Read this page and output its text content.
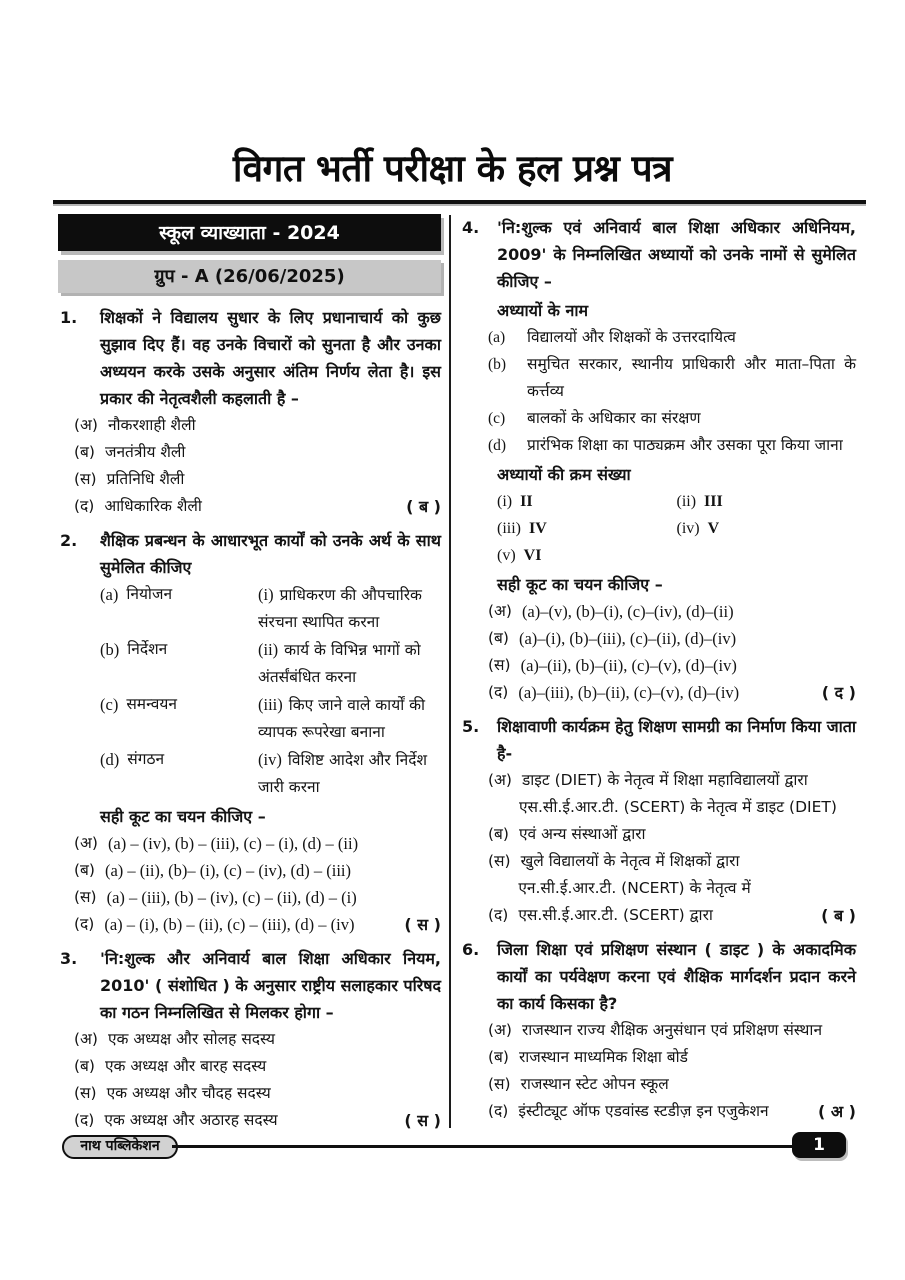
विगत भर्ती परीक्षा के हल प्रश्न पत्र
स्कूल व्याख्याता - 2024
ग्रुप - A (26/06/2025)
1.	शिक्षकों ने विद्यालय सुधार के लिए प्रधानाचार्य को कुछ सुझाव दिए हैं। वह उनके विचारों को सुनता है और उनका अध्ययन करके उसके अनुसार अंतिम निर्णय लेता है। इस प्रकार की नेतृत्वशैली कहलाती है –
(अ) नौकरशाही शैली
(ब) जनतंत्रीय शैली
(स) प्रतिनिधि शैली
(द) आधिकारिक शैली	( ब )
2.	शैक्षिक प्रबन्धन के आधारभूत कार्यों को उनके अर्थ के साथ सुमेलित कीजिए
(a) नियोजन	(i) प्राधिकरण की औपचारिक संरचना स्थापित करना
(b) निर्देशन	(ii) कार्य के विभिन्न भागों को अंतर्संबंधित करना
(c) समन्वयन	(iii) किए जाने वाले कार्यों की व्यापक रूपरेखा बनाना
(d) संगठन	(iv) विशिष्ट आदेश और निर्देश जारी करना
सही कूट का चयन कीजिए –
(अ) (a) – (iv), (b) – (iii), (c) – (i), (d) – (ii)
(ब) (a) – (ii), (b)– (i), (c) – (iv), (d) – (iii)
(स) (a) – (iii), (b) – (iv), (c) – (ii), (d) – (i)
(द) (a) – (i), (b) – (ii), (c) – (iii), (d) – (iv)	( स )
3.	'नि:शुल्क और अनिवार्य बाल शिक्षा अधिकार नियम, 2010' ( संशोधित ) के अनुसार राष्ट्रीय सलाहकार परिषद का गठन निम्नलिखित से मिलकर होगा –
(अ) एक अध्यक्ष और सोलह सदस्य
(ब) एक अध्यक्ष और बारह सदस्य
(स) एक अध्यक्ष और चौदह सदस्य
(द) एक अध्यक्ष और अठारह सदस्य	( स )
4.	'नि:शुल्क एवं अनिवार्य बाल शिक्षा अधिकार अधिनियम, 2009' के निम्नलिखित अध्यायों को उनके नामों से सुमेलित कीजिए –
अध्यायों के नाम
(a)	विद्यालयों और शिक्षकों के उत्तरदायित्व
(b)	समुचित सरकार, स्थानीय प्राधिकारी और माता–पिता के कर्त्तव्य
(c)	बालकों के अधिकार का संरक्षण
(d)	प्रारंभिक शिक्षा का पाठ्यक्रम और उसका पूरा किया जाना
अध्यायों की क्रम संख्या
(i) II	(ii) III
(iii) IV	(iv) V
(v) VI
सही कूट का चयन कीजिए –
(अ) (a)–(v), (b)–(i), (c)–(iv), (d)–(ii)
(ब) (a)–(i), (b)–(iii), (c)–(ii), (d)–(iv)
(स) (a)–(ii), (b)–(ii), (c)–(v), (d)–(iv)
(द) (a)–(iii), (b)–(ii), (c)–(v), (d)–(iv)	( द )
5.	शिक्षावाणी कार्यक्रम हेतु शिक्षण सामग्री का निर्माण किया जाता है-
(अ) डाइट (DIET) के नेतृत्व में शिक्षा महाविद्यालयों द्वारा
(ब)
एस.सी.ई.आर.टी. (SCERT) के नेतृत्व में डाइट (DIET) एवं अन्य संस्थाओं द्वारा
(स) खुले विद्यालयों के नेतृत्व में शिक्षकों द्वारा
(द)
एन.सी.ई.आर.टी. (NCERT) के नेतृत्व में एस.सी.ई.आर.टी. (SCERT) द्वारा	( ब )
6.	जिला शिक्षा एवं प्रशिक्षण संस्थान ( डाइट ) के अकादमिक कार्यों का पर्यवेक्षण करना एवं शैक्षिक मार्गदर्शन प्रदान करने का कार्य किसका है?
(अ) राजस्थान राज्य शैक्षिक अनुसंधान एवं प्रशिक्षण संस्थान
(ब) राजस्थान माध्यमिक शिक्षा बोर्ड
(स) राजस्थान स्टेट ओपन स्कूल
(द) इंस्टीट्यूट ऑफ एडवांस्ड स्टडीज़ इन एजुकेशन	( अ )
नाथ पब्लिकेशन	1
